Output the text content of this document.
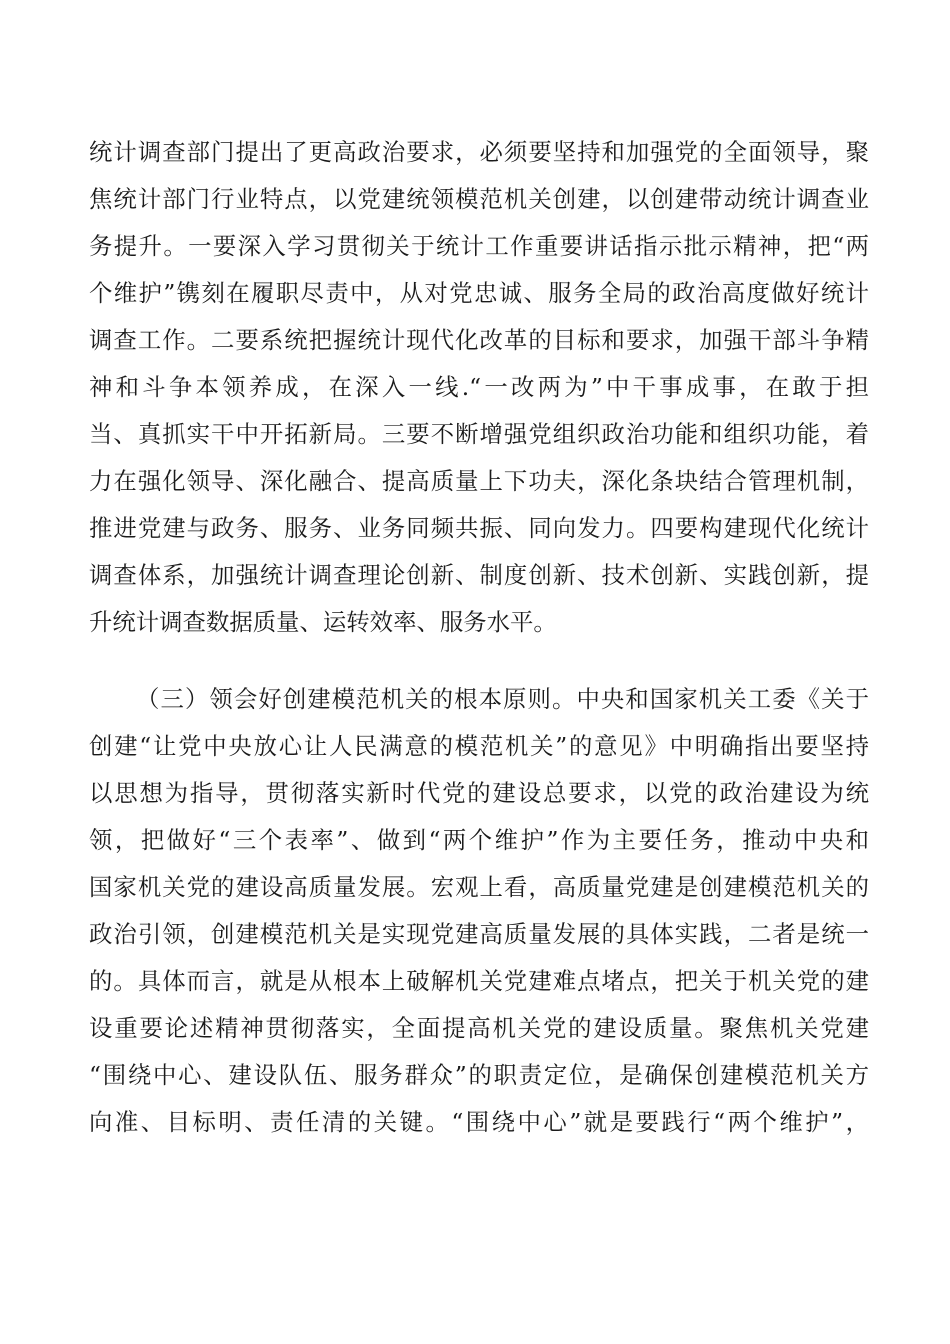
统计调查部门提出了更高政治要求，必须要坚持和加强党的全面领导，聚
焦统计部门行业特点，以党建统领模范机关创建，以创建带动统计调查业
务提升。一要深入学习贯彻关于统计工作重要讲话指示批示精神，把“两
个维护”镌刻在履职尽责中，从对党忠诚、服务全局的政治高度做好统计
调查工作。二要系统把握统计现代化改革的目标和要求，加强干部斗争精
神和斗争本领养成，在深入一线.“一改两为”中干事成事，在敢于担
当、真抓实干中开拓新局。三要不断增强党组织政治功能和组织功能，着
力在强化领导、深化融合、提高质量上下功夫，深化条块结合管理机制，
推进党建与政务、服务、业务同频共振、同向发力。四要构建现代化统计
调查体系，加强统计调查理论创新、制度创新、技术创新、实践创新，提
升统计调查数据质量、运转效率、服务水平。
（三）领会好创建模范机关的根本原则。中央和国家机关工委《关于
创建“让党中央放心让人民满意的模范机关”的意见》中明确指出要坚持
以思想为指导，贯彻落实新时代党的建设总要求，以党的政治建设为统
领，把做好“三个表率”、做到“两个维护”作为主要任务，推动中央和
国家机关党的建设高质量发展。宏观上看，高质量党建是创建模范机关的
政治引领，创建模范机关是实现党建高质量发展的具体实践，二者是统一
的。具体而言，就是从根本上破解机关党建难点堵点，把关于机关党的建
设重要论述精神贯彻落实，全面提高机关党的建设质量。聚焦机关党建
“围绕中心、建设队伍、服务群众”的职责定位，是确保创建模范机关方
向准、目标明、责任清的关键。“围绕中心”就是要践行“两个维护”，
